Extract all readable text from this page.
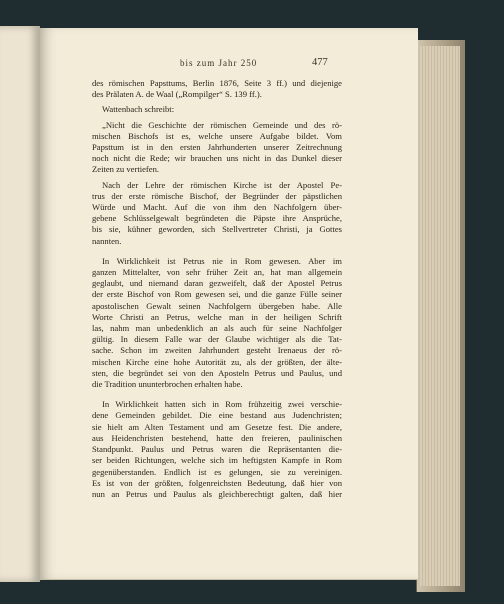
bis zum Jahr 250	477
des römischen Papsttums, Berlin 1876, Seite 3 ff.) und diejenige
des Prälaten A. de Waal („Rompilger“ S. 139 ff.).
Wattenbach schreibt:
„Nicht die Geschichte der römischen Gemeinde und des rö-
mischen Bischofs ist es, welche unsere Aufgabe bildet. Vom
Papsttum ist in den ersten Jahrhunderten unserer Zeitrechnung
noch nicht die Rede; wir brauchen uns nicht in das Dunkel dieser
Zeiten zu vertiefen.
Nach der Lehre der römischen Kirche ist der Apostel Pe-
trus der erste römische Bischof, der Begründer der päpstlichen
Würde und Macht. Auf die von ihm den Nachfolgern über-
gebene Schlüsselgewalt begründeten die Päpste ihre Ansprüche,
bis sie, kühner geworden, sich Stellvertreter Christi, ja Gottes
nannten.
In Wirklichkeit ist Petrus nie in Rom gewesen. Aber im
ganzen Mittelalter, von sehr früher Zeit an, hat man allgemein
geglaubt, und niemand daran gezweifelt, daß der Apostel Petrus
der erste Bischof von Rom gewesen sei, und die ganze Fülle seiner
apostolischen Gewalt seinen Nachfolgern übergeben habe. Alle
Worte Christi an Petrus, welche man in der heiligen Schrift
las, nahm man unbedenklich an als auch für seine Nachfolger
gültig. In diesem Falle war der Glaube wichtiger als die Tat-
sache. Schon im zweiten Jahrhundert gesteht Irenaeus der rö-
mischen Kirche eine hohe Autorität zu, als der größten, der älte-
sten, die begründet sei von den Aposteln Petrus und Paulus, und
die Tradition ununterbrochen erhalten habe.
In Wirklichkeit hatten sich in Rom frühzeitig zwei verschie-
dene Gemeinden gebildet. Die eine bestand aus Judenchristen;
sie hielt am Alten Testament und am Gesetze fest. Die andere,
aus Heidenchristen bestehend, hatte den freieren, paulinischen
Standpunkt. Paulus und Petrus waren die Repräsentanten die-
ser beiden Richtungen, welche sich im heftigsten Kampfe in Rom
gegenüberstanden. Endlich ist es gelungen, sie zu vereinigen.
Es ist von der größten, folgenreichsten Bedeutung, daß hier von
nun an Petrus und Paulus als gleichberechtigt galten, daß hier
